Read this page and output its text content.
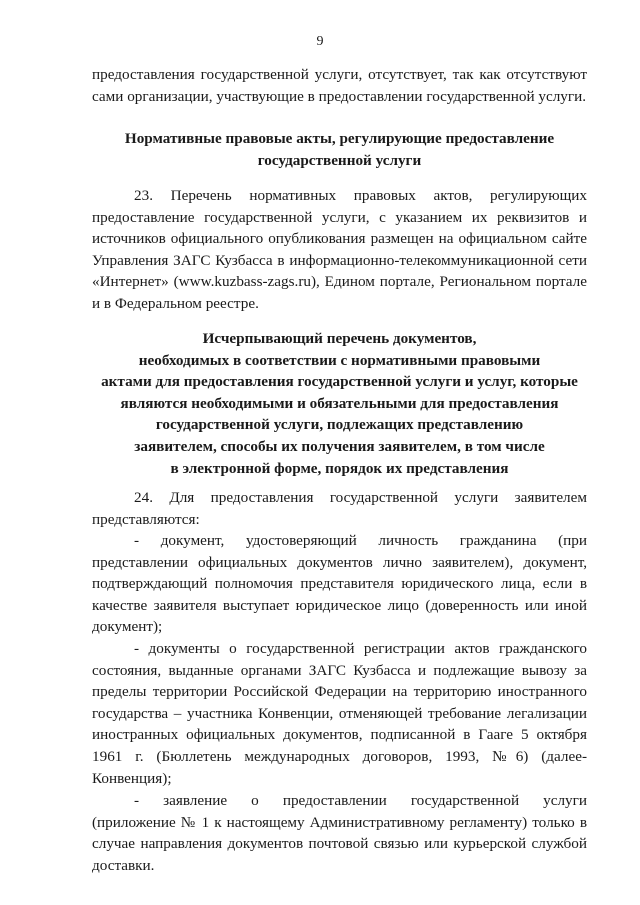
9
предоставления государственной услуги, отсутствует, так как отсутствуют
сами организации, участвующие в предоставлении государственной услуги.
Нормативные правовые акты, регулирующие предоставление
государственной услуги
23. Перечень нормативных правовых актов, регулирующих
предоставление государственной услуги, с указанием их реквизитов и
источников официального опубликования размещен на официальном сайте
Управления ЗАГС Кузбасса в информационно-телекоммуникационной сети
«Интернет» (www.kuzbass-zags.ru), Едином портале, Региональном портале
и в Федеральном реестре.
Исчерпывающий перечень документов,
необходимых в соответствии с нормативными правовыми
актами для предоставления государственной услуги и услуг, которые
являются необходимыми и обязательными для предоставления
государственной услуги, подлежащих представлению
заявителем, способы их получения заявителем, в том числе
в электронной форме, порядок их представления
24. Для предоставления государственной услуги заявителем
представляются:
- документ, удостоверяющий личность гражданина (при
представлении официальных документов лично заявителем), документ,
подтверждающий полномочия представителя юридического лица, если в
качестве заявителя выступает юридическое лицо (доверенность или иной
документ);
- документы о государственной регистрации актов гражданского
состояния, выданные органами ЗАГС Кузбасса и подлежащие вывозу за
пределы территории Российской Федерации на территорию иностранного
государства – участника Конвенции, отменяющей требование легализации
иностранных официальных документов, подписанной в Гааге 5 октября
1961 г. (Бюллетень международных договоров, 1993, №6) (далее-
Конвенция);
- заявление о предоставлении государственной услуги
(приложение № 1 к настоящему Административному регламенту) только в
случае направления документов почтовой связью или курьерской службой
доставки.
